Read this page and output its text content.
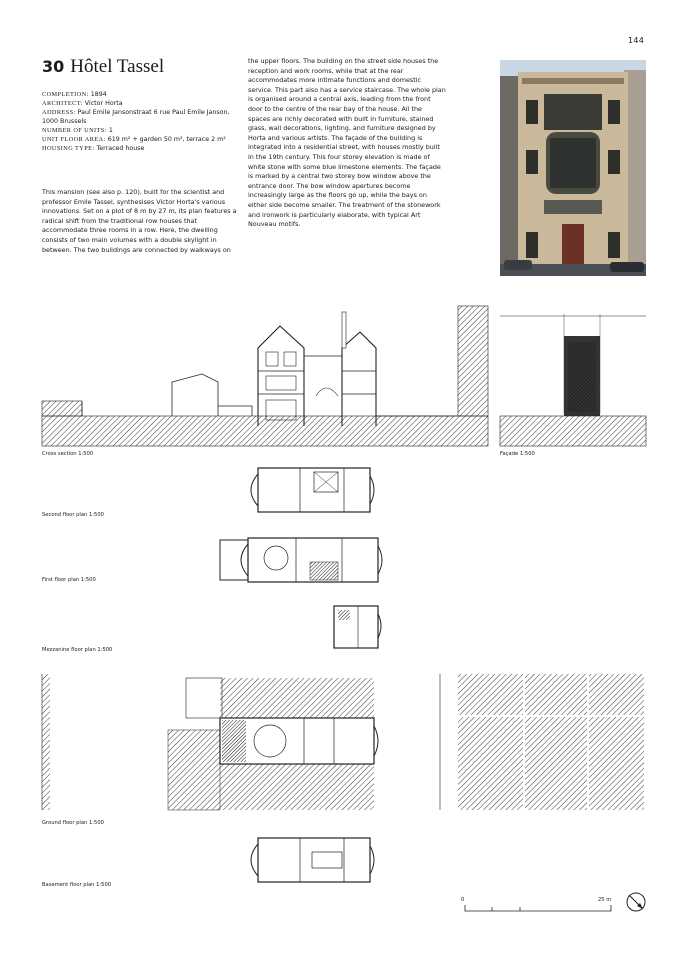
144
30 Hôtel Tassel
COMPLETION: 1894
ARCHITECT: Victor Horta
ADDRESS: Paul Emile Jansonstraat 6 rue Paul Emile Janson, 1000 Brussels
NUMBER OF UNITS: 1
UNIT FLOOR AREA: 619 m² + garden 50 m², terrace 2 m²
HOUSING TYPE: Terraced house

This mansion (see also p. 120), built for the scientist and professor Emile Tassel, synthesises Victor Horta's various innovations. Set on a plot of 8 m by 27 m, its plan features a radical shift from the traditional row houses that accommodate three rooms in a row. Here, the dwelling consists of two main volumes with a double skylight in between. The two buildings are connected by walkways on

the upper floors. The building on the street side houses the reception and work rooms, while that at the rear accommodates more intimate functions and domestic service. This part also has a service staircase. The whole plan is organised around a central axis, leading from the front door to the centre of the rear bay of the house. All the spaces are richly decorated with built in furniture, stained glass, wall decorations, lighting, and furniture designed by Horta and various artists. The façade of the building is integrated into a residential street, with houses mostly built in the 19th century. This four storey elevation is made of white stone with some blue limestone elements. The façade is marked by a central two storey bow window above the entrance door. The bow window apertures become increasingly large as the floors go up, while the bays on either side become smaller. The treatment of the stonework and ironwork is particularly elaborate, with typical Art Nouveau motifs.

Cross section 1:500	Façade 1:500
Second floor plan 1:500
First floor plan 1:500
Mezzanine floor plan 1:500
Ground floor plan 1:500
Basement floor plan 1:500
0	25 m
